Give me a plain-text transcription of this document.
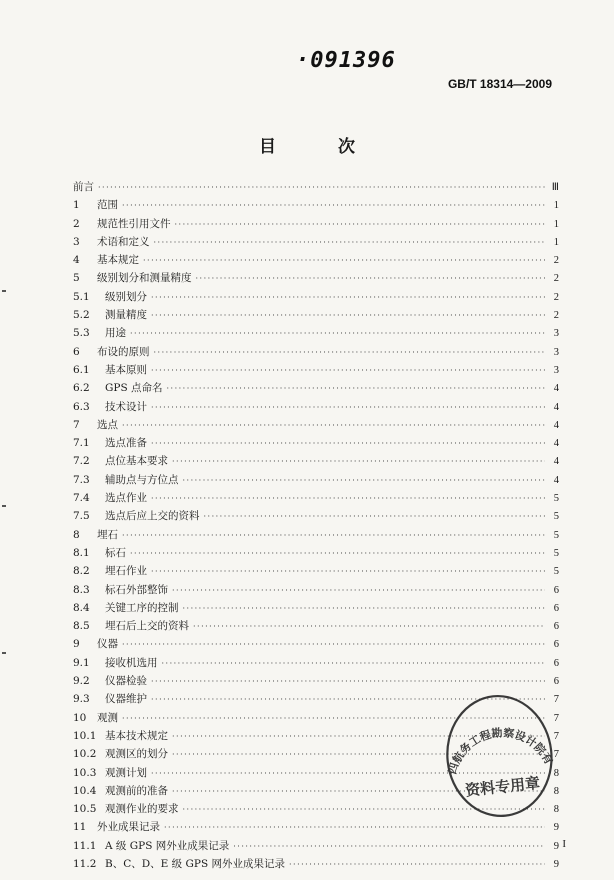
·091396
GB/T 18314—2009
目 次
前言 ·····	Ⅲ
1	范围 ·····	1
2	规范性引用文件 ·····	1
3	术语和定义 ·····	1
4	基本规定 ·····	2
5	级别划分和测量精度 ·····	2
5.1	级别划分 ·····	2
5.2	测量精度 ·····	2
5.3	用途 ·····	3
6	布设的原则 ·····	3
6.1	基本原则 ·····	3
6.2	GPS 点命名 ·····	4
6.3	技术设计 ·····	4
7	选点 ·····	4
7.1	选点准备 ·····	4
7.2	点位基本要求 ·····	4
7.3	辅助点与方位点 ·····	4
7.4	选点作业 ·····	5
7.5	选点后应上交的资料 ·····	5
8	埋石 ·····	5
8.1	标石 ·····	5
8.2	埋石作业 ·····	5
8.3	标石外部整饰 ·····	6
8.4	关键工序的控制 ·····	6
8.5	埋石后上交的资料 ·····	6
9	仪器 ·····	6
9.1	接收机选用 ·····	6
9.2	仪器检验 ·····	6
9.3	仪器维护 ·····	7
10 观测 ·····	7
10.1 基本技术规定 ·····	7
10.2 观测区的划分 ·····	7
10.3 观测计划 ·····	8
10.4 观测前的准备 ·····	8
10.5 观测作业的要求 ·····	8
11 外业成果记录 ·····	9
11.1 A 级 GPS 网外业成果记录 ·····	9
11.2 B、C、D、E 级 GPS 网外业成果记录 ·····	9
I
中交第四航务工程勘察设计院有限公司
资料专用章
